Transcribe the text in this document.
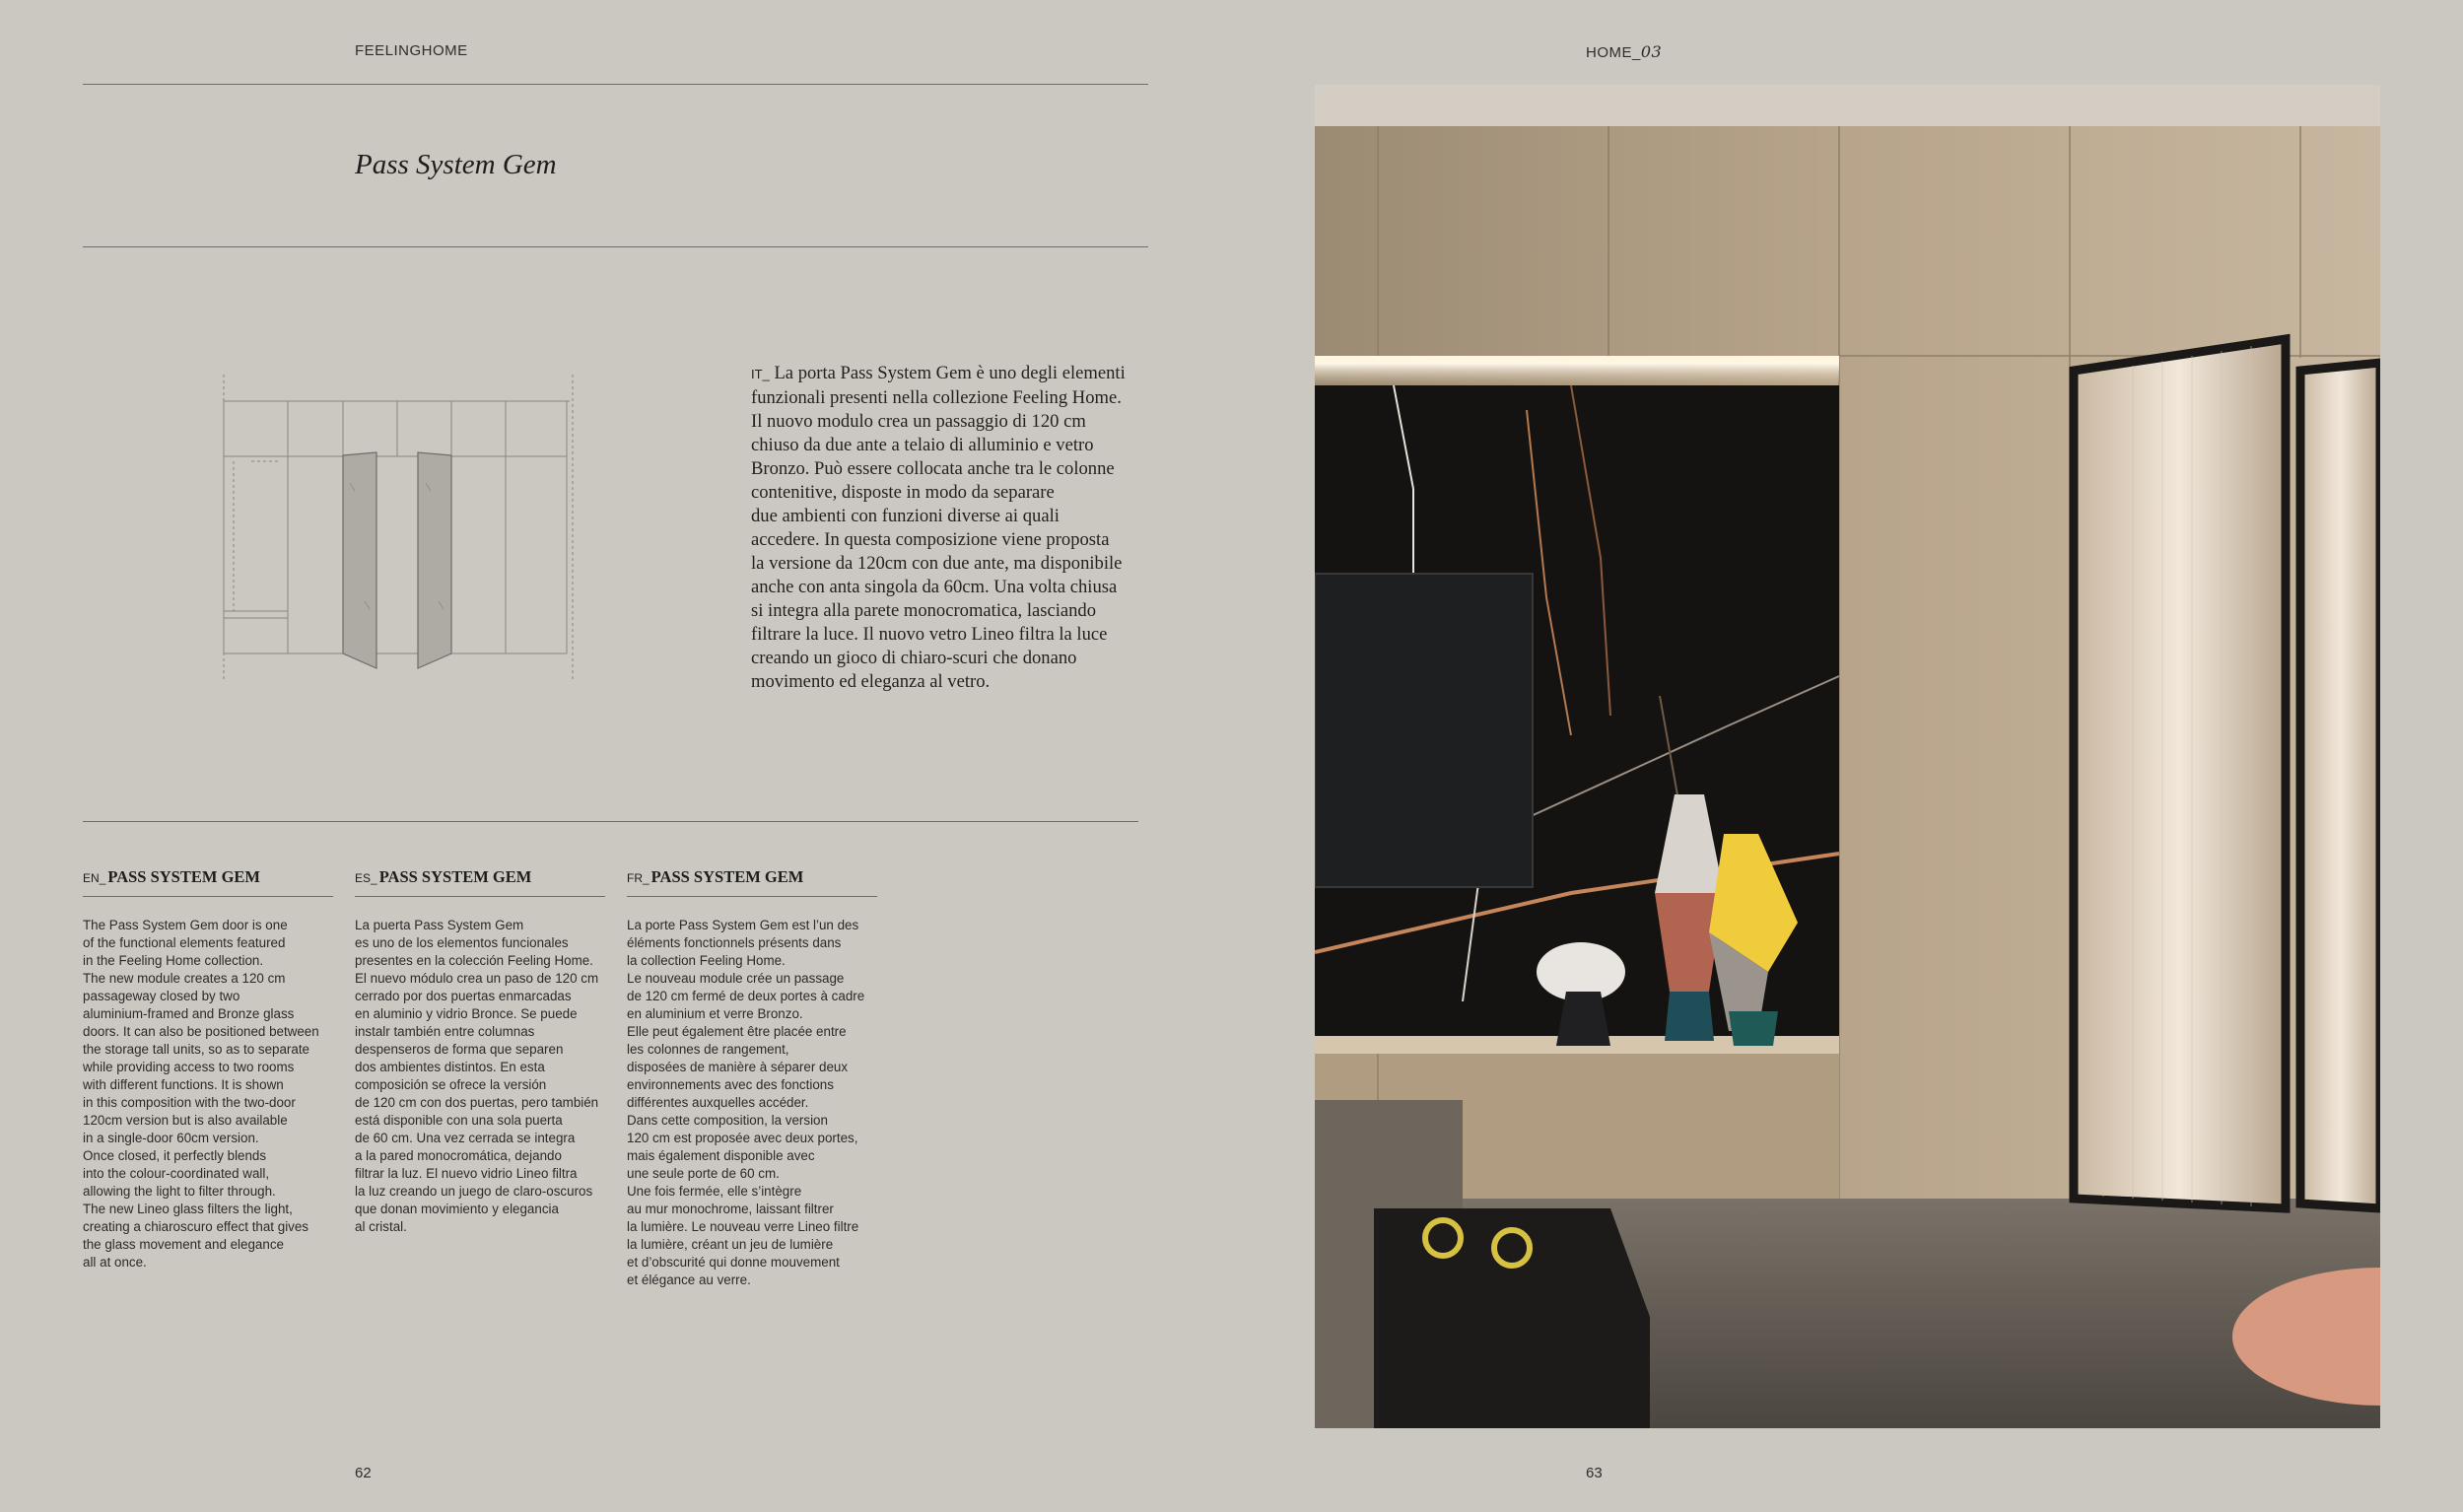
FEELINGHOME	HOME_03
Pass System Gem
IT_ La porta Pass System Gem è uno degli elementi
funzionali presenti nella collezione Feeling Home.
Il nuovo modulo crea un passaggio di 120 cm
chiuso da due ante a telaio di alluminio e vetro
Bronzo. Può essere collocata anche tra le colonne
contenitive, disposte in modo da separare
due ambienti con funzioni diverse ai quali
accedere. In questa composizione viene proposta
la versione da 120cm con due ante, ma disponibile
anche con anta singola da 60cm. Una volta chiusa
si integra alla parete monocromatica, lasciando
filtrare la luce. Il nuovo vetro Lineo filtra la luce
creando un gioco di chiaro-scuri che donano
movimento ed eleganza al vetro.
EN_ PASS SYSTEM GEM
The Pass System Gem door is one
of the functional elements featured
in the Feeling Home collection.
The new module creates a 120 cm
passageway closed by two
aluminium-framed and Bronze glass
doors. It can also be positioned between
the storage tall units, so as to separate
while providing access to two rooms
with different functions. It is shown
in this composition with the two-door
120cm version but is also available
in a single-door 60cm version.
Once closed, it perfectly blends
into the colour-coordinated wall,
allowing the light to filter through.
The new Lineo glass filters the light,
creating a chiaroscuro effect that gives
the glass movement and elegance
all at once.
ES_ PASS SYSTEM GEM
La puerta Pass System Gem
es uno de los elementos funcionales
presentes en la colección Feeling Home.
El nuevo módulo crea un paso de 120 cm
cerrado por dos puertas enmarcadas
en aluminio y vidrio Bronce. Se puede
instalr también entre columnas
despenseros de forma que separen
dos ambientes distintos. En esta
composición se ofrece la versión
de 120 cm con dos puertas, pero también
está disponible con una sola puerta
de 60 cm. Una vez cerrada se integra
a la pared monocromática, dejando
filtrar la luz. El nuevo vidrio Lineo filtra
la luz creando un juego de claro-oscuros
que donan movimiento y elegancia
al cristal.
FR_ PASS SYSTEM GEM
La porte Pass System Gem est l’un des
éléments fonctionnels présents dans
la collection Feeling Home.
Le nouveau module crée un passage
de 120 cm fermé de deux portes à cadre
en aluminium et verre Bronzo.
Elle peut également être placée entre
les colonnes de rangement,
disposées de manière à séparer deux
environnements avec des fonctions
différentes auxquelles accéder.
Dans cette composition, la version
120 cm est proposée avec deux portes,
mais également disponible avec
une seule porte de 60 cm.
Une fois fermée, elle s’intègre
au mur monochrome, laissant filtrer
la lumière. Le nouveau verre Lineo filtre
la lumière, créant un jeu de lumière
et d’obscurité qui donne mouvement
et élégance au verre.
62	63
